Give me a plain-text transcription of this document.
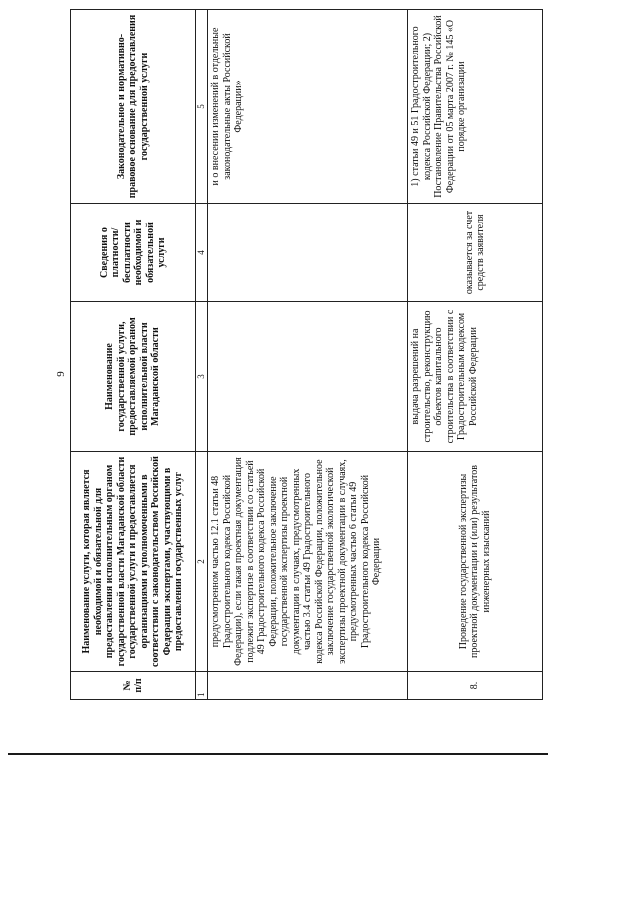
9
№ п/п	Наименование услуги, которая является необходимой и обязательной для предоставления исполнительным органом государственной власти Магаданской области государственной услуги и предоставляется организациями и уполномоченными в соответствии с законодательством Российской Федерации экспертами, участвующими в предоставлении государственных услуг	Наименование государственной услуги, предоставляемой органом исполнительной власти Магаданской области	Сведения о платности/ бесплатности необходимой и обязательной услуги	Законодательное и нормативно-правовое основание для предоставления государственной услуги
1	2	3	4	5
	предусмотренном частью 12.1 статьи 48 Градостроительного кодекса Российской Федерации), если такая проектная документация подлежит экспертизе в соответствии со статьей 49 Градостроительного кодекса Российской Федерации, положительное заключение государственной экспертизы проектной документации в случаях, предусмотренных частью 3.4 статьи 49 Градостроительного кодекса Российской Федерации, положительное заключение государственной экологической экспертизы проектной документации в случаях, предусмотренных частью 6 статьи 49 Градостроительного кодекса Российской Федерации			и о внесении изменений в отдельные законодательные акты Российской Федерации»
8.	Проведение государственной экспертизы проектной документации и (или) результатов инженерных изысканий	выдача разрешений на строительство, реконструкцию объектов капитального строительства в соответствии с Градостроительным кодексом Российской Федерации	оказывается за счет средств заявителя	1) статьи 49 и 51 Градостроительного кодекса Российской Федерации; 2) Постановление Правительства Российской Федерации от 05 марта 2007 г. № 145 «О порядке организации
